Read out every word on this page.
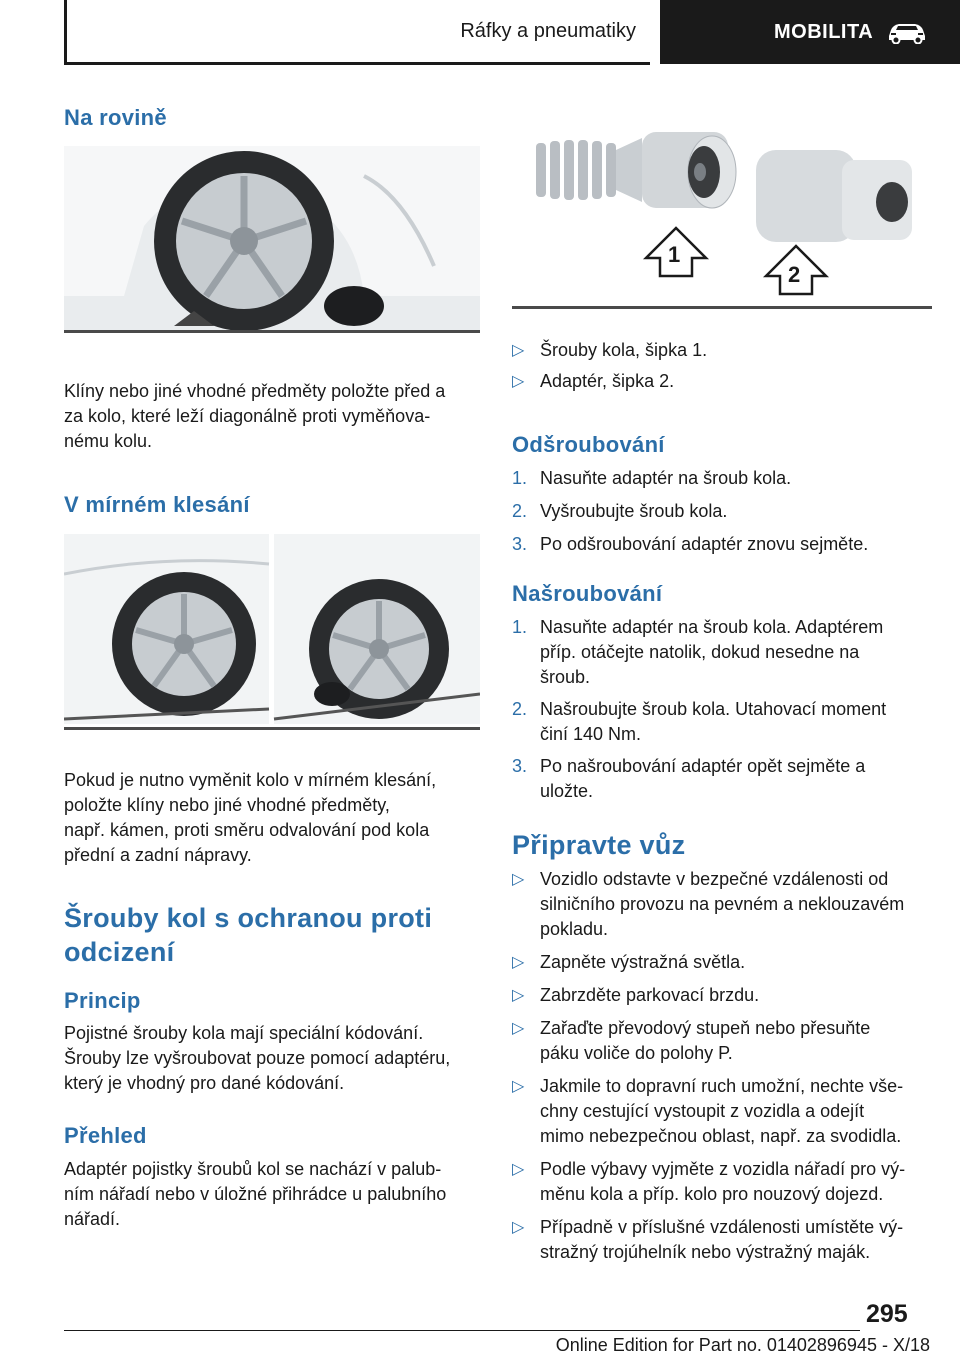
Ráfky a pneumatiky	MOBILITA
Na rovině

Klíny nebo jiné vhodné předměty položte před a
za kolo, které leží diagonálně proti vyměňova-
nému kolu.

V mírném klesání

Pokud je nutno vyměnit kolo v mírném klesání,
položte klíny nebo jiné vhodné předměty,
např. kámen, proti směru odvalování pod kola
přední a zadní nápravy.

Šrouby kol s ochranou proti
odcizení
Princip

Pojistné šrouby kola mají speciální kódování.
Šrouby lze vyšroubovat pouze pomocí adaptéru,
který je vhodný pro dané kódování.

Přehled

Adaptér pojistky šroubů kol se nachází v palub-
ním nářadí nebo v úložné přihrádce u palubního
nářadí.

1
2
▷ Šrouby kola, šipka 1.
▷ Adaptér, šipka 2.
Odšroubování
1. Nasuňte adaptér na šroub kola.
2. Vyšroubujte šroub kola.
3. Po odšroubování adaptér znovu sejměte.
Našroubování
1. Nasuňte adaptér na šroub kola. Adaptérem
příp. otáčejte natolik, dokud nesedne na
šroub.
2. Našroubujte šroub kola. Utahovací moment
činí 140 Nm.
3. Po našroubování adaptér opět sejměte a
uložte.
Připravte vůz
▷ Vozidlo odstavte v bezpečné vzdálenosti od
silničního provozu na pevném a neklouzavém
pokladu.
▷ Zapněte výstražná světla.
▷ Zabrzděte parkovací brzdu.
▷ Zařaďte převodový stupeň nebo přesuňte
páku voliče do polohy P.
▷ Jakmile to dopravní ruch umožní, nechte vše-
chny cestující vystoupit z vozidla a odejít
mimo nebezpečnou oblast, např. za svodidla.
▷ Podle výbavy vyjměte z vozidla nářadí pro vý-
měnu kola a příp. kolo pro nouzový dojezd.
▷ Případně v příslušné vzdálenosti umístěte vý-
stražný trojúhelník nebo výstražný maják.
295
Online Edition for Part no. 01402896945 - X/18
